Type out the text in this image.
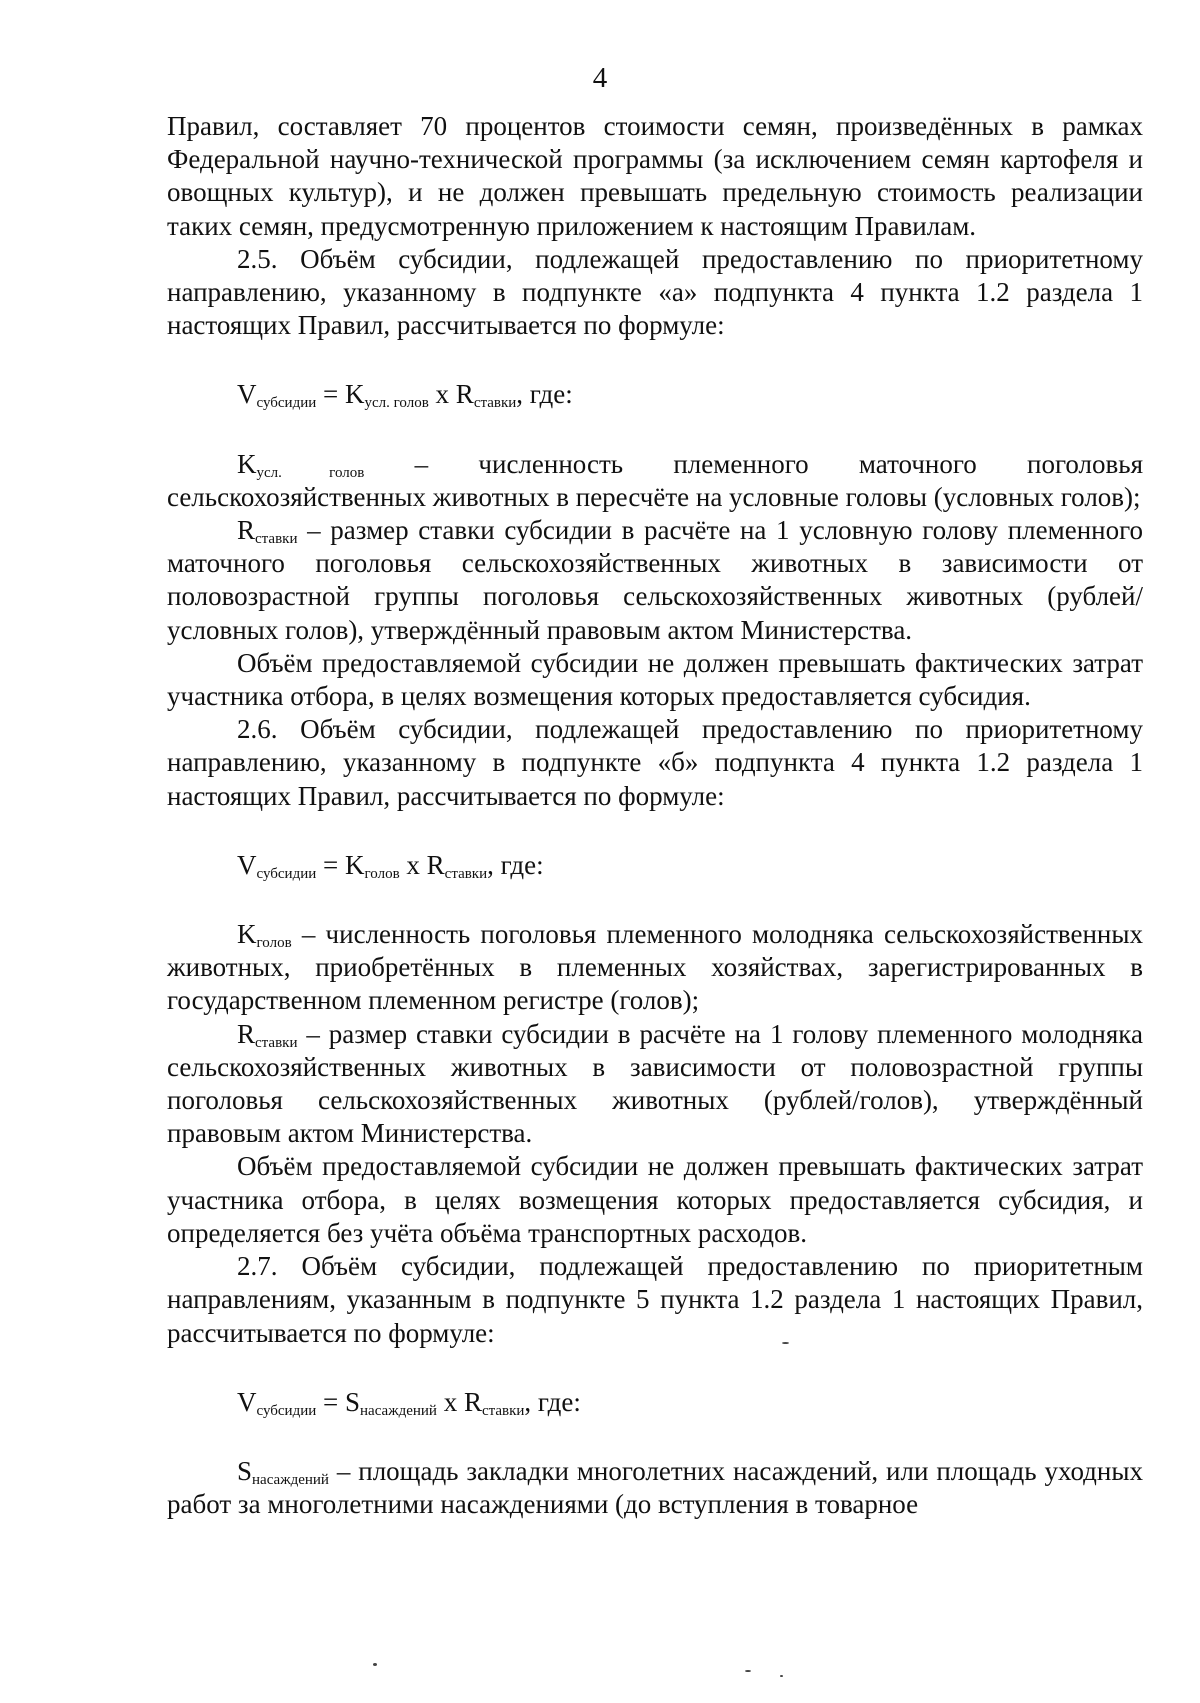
4

Правил, составляет 70 процентов стоимости семян, произведённых в рамках Федеральной научно-технической программы (за исключением семян картофеля и овощных культур), и не должен превышать предельную стоимость реализации таких семян, предусмотренную приложением к настоящим Правилам.

2.5. Объём субсидии, подлежащей предоставлению по приоритетному направлению, указанному в подпункте «а» подпункта 4 пункта 1.2 раздела 1 настоящих Правил, рассчитывается по формуле:

$V_{субсидии} = K_{усл. голов}$ x $R_{ставки}$, где:

$K_{усл. голов}$ – численность племенного маточного поголовья сельскохозяйственных животных в пересчёте на условные головы (условных голов);

$R_{ставки}$ – размер ставки субсидии в расчёте на 1 условную голову племенного маточного поголовья сельскохозяйственных животных в зависимости от половозрастной группы поголовья сельскохозяйственных животных (рублей/условных голов), утверждённый правовым актом Министерства.

Объём предоставляемой субсидии не должен превышать фактических затрат участника отбора, в целях возмещения которых предоставляется субсидия.

2.6. Объём субсидии, подлежащей предоставлению по приоритетному направлению, указанному в подпункте «б» подпункта 4 пункта 1.2 раздела 1 настоящих Правил, рассчитывается по формуле:

$V_{субсидии} = K_{голов}$ x $R_{ставки}$, где:

$K_{голов}$ – численность поголовья племенного молодняка сельскохозяйственных животных, приобретённых в племенных хозяйствах, зарегистрированных в государственном племенном регистре (голов);

$R_{ставки}$ – размер ставки субсидии в расчёте на 1 голову племенного молодняка сельскохозяйственных животных в зависимости от половозрастной группы поголовья сельскохозяйственных животных (рублей/голов), утверждённый правовым актом Министерства.

Объём предоставляемой субсидии не должен превышать фактических затрат участника отбора, в целях возмещения которых предоставляется субсидия, и определяется без учёта объёма транспортных расходов.

2.7. Объём субсидии, подлежащей предоставлению по приоритетным направлениям, указанным в подпункте 5 пункта 1.2 раздела 1 настоящих Правил, рассчитывается по формуле:

$V_{субсидии} = S_{насаждений}$ x $R_{ставки}$, где:

$S_{насаждений}$ – площадь закладки многолетних насаждений, или площадь уходных работ за многолетними насаждениями (до вступления в товарное
